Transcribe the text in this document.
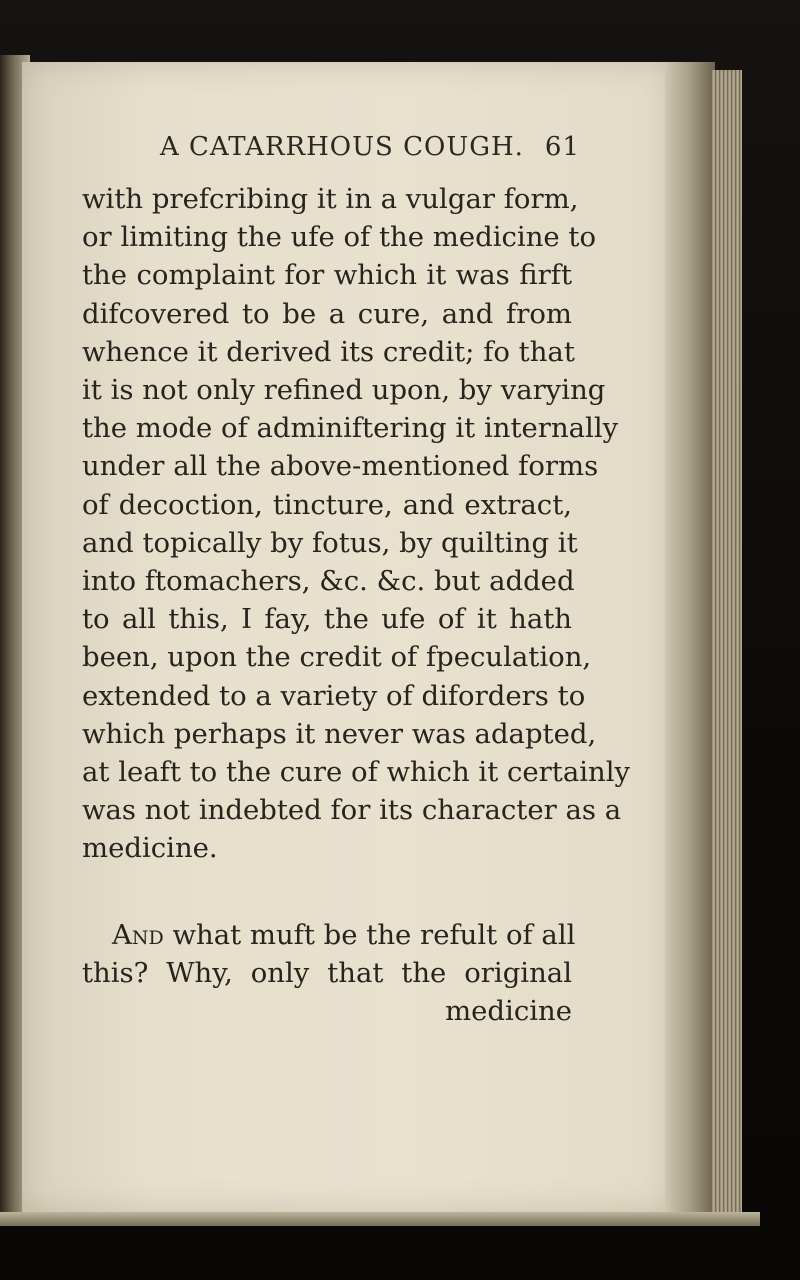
A CATARRHOUS COUGH. 61
with prefcribing it in a vulgar form,
or limiting the ufe of the medicine to
the complaint for which it was firft
difcovered to be a cure, and from
whence it derived its credit; fo that
it is not only refined upon, by varying
the mode of adminiftering it internally
under all the above-mentioned forms
of decoction, tincture, and extract,
and topically by fotus, by quilting it
into ftomachers, &c. &c. but added
to all this, I fay, the ufe of it hath
been, upon the credit of fpeculation,
extended to a variety of diforders to
which perhaps it never was adapted,
at leaft to the cure of which it certainly
was not indebted for its character as a
medicine.
And what muft be the refult of all
this? Why, only that the original
medicine
